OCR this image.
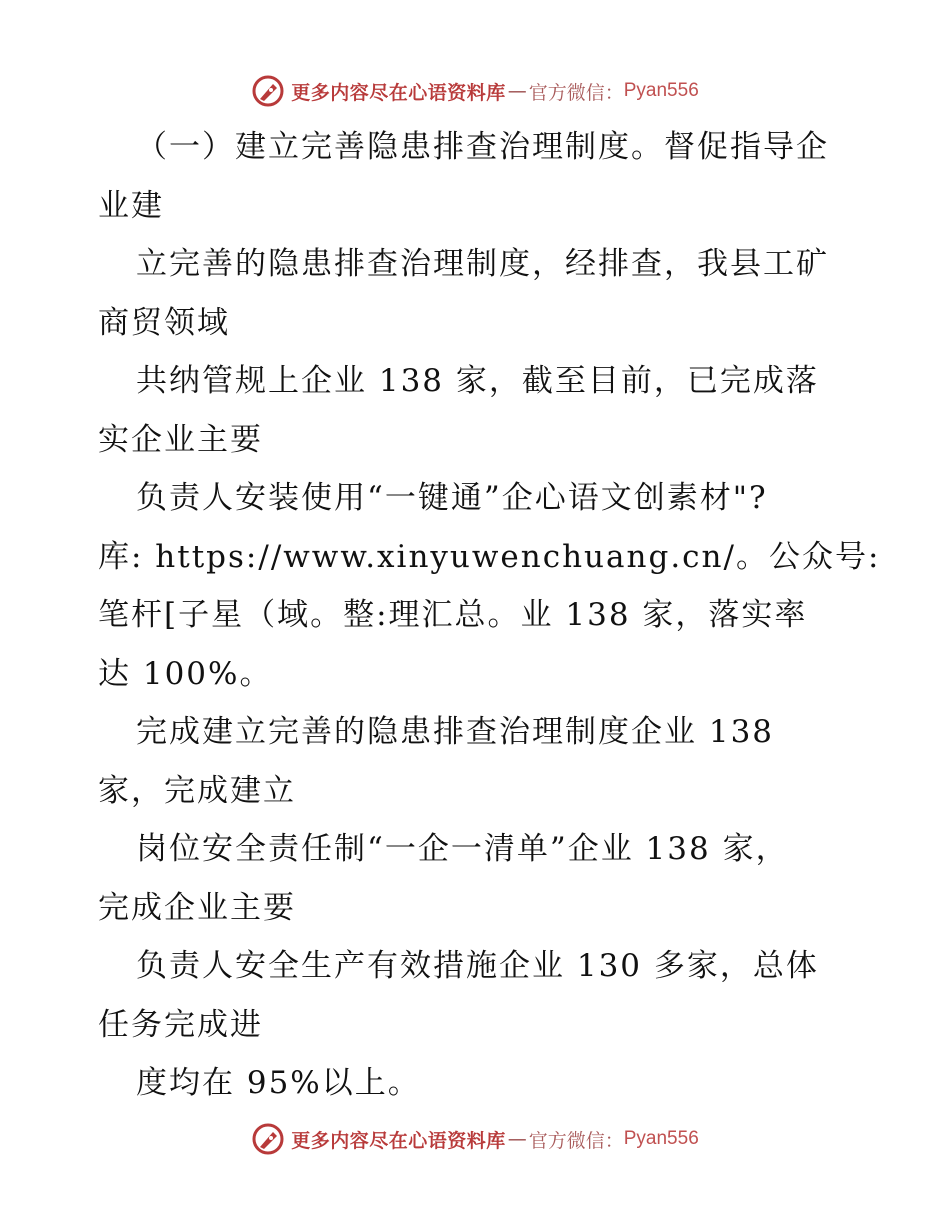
更多内容尽在心语资料库 — 官方微信： Pyan556

（一）建立完善隐患排查治理制度。督促指导企

业建

立完善的隐患排查治理制度，经排查，我县工矿

商贸领域

共纳管规上企业 138 家，截至目前，已完成落

实企业主要

负责人安装使用“一键通”企心语文创素材"?

库: https://www.xinyuwenchuang.cn/。公众号:

笔杆[子星（域。整:理汇总。业 138 家，落实率

达 100%。

完成建立完善的隐患排查治理制度企业 138

家，完成建立

岗位安全责任制“一企一清单”企业 138 家，

完成企业主要

负责人安全生产有效措施企业 130 多家，总体

任务完成进

度均在 95%以上。

更多内容尽在心语资料库 — 官方微信： Pyan556
